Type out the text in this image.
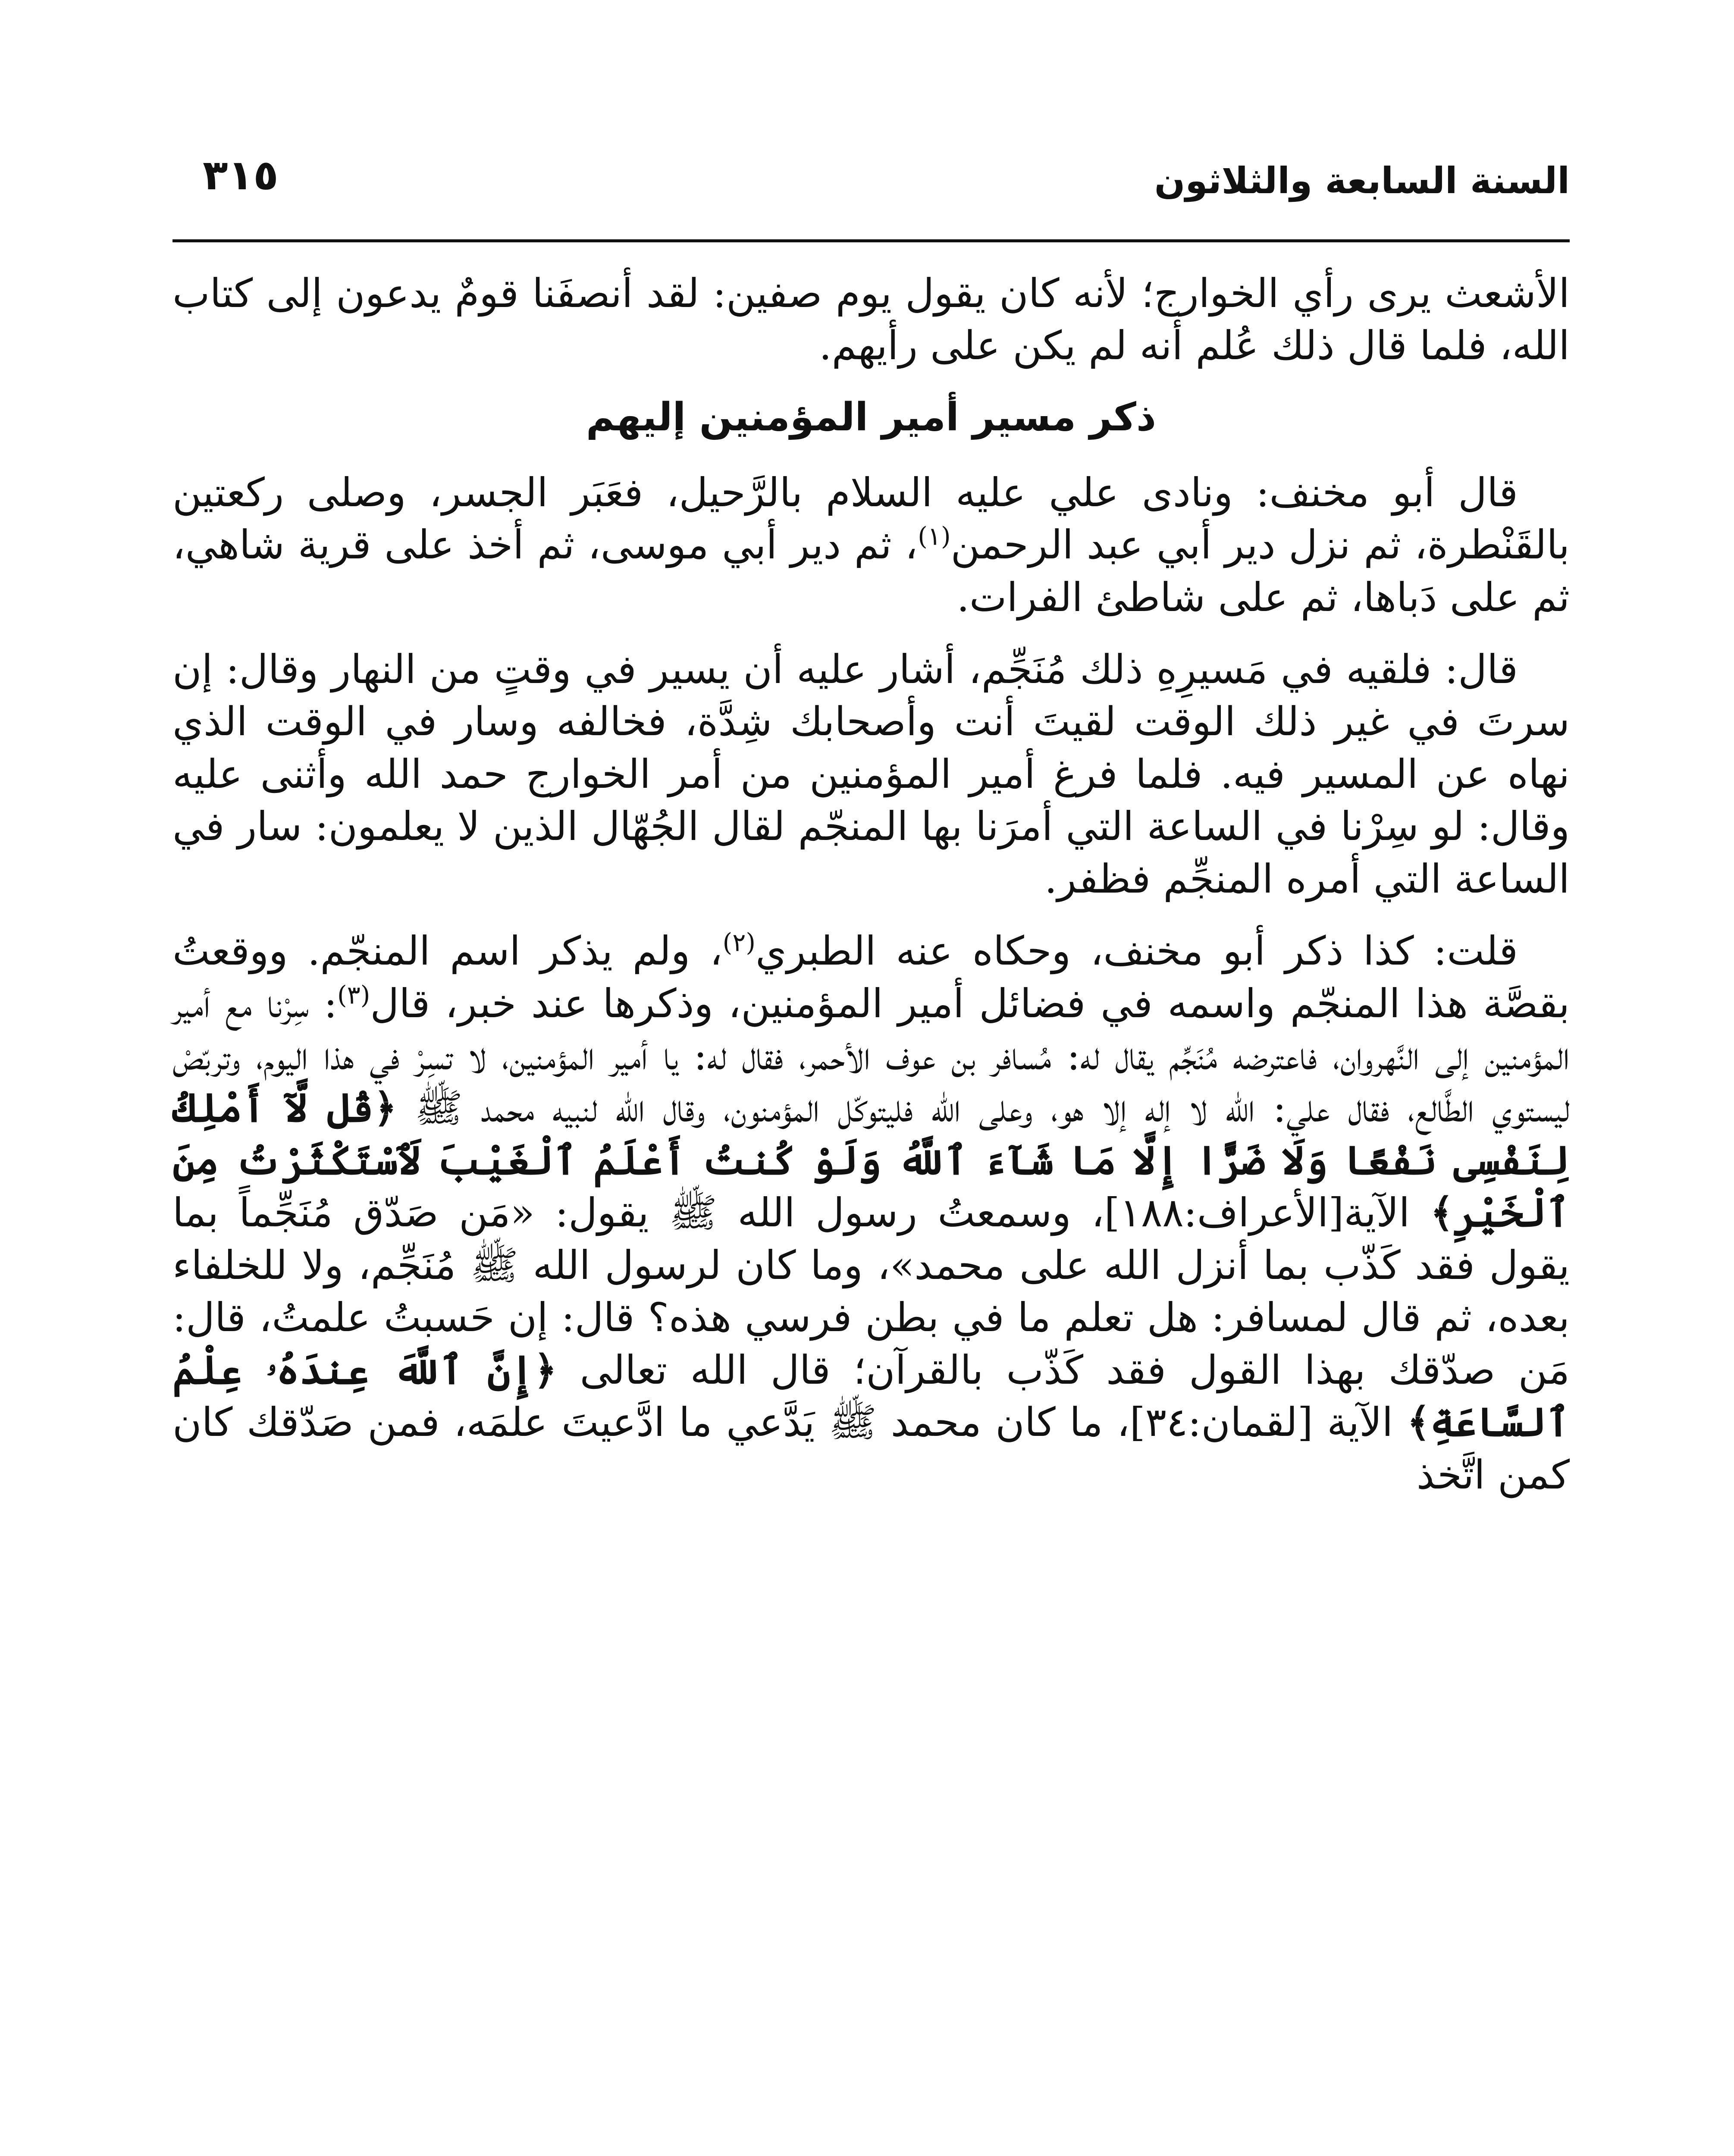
السنة السابعة والثلاثون
٣١٥

الأشعث يرى رأي الخوارج؛ لأنه كان يقول يوم صفين: لقد أنصفَنا قومٌ يدعون إلى كتاب الله، فلما قال ذلك عُلم أنه لم يكن على رأيهم.

ذكر مسير أمير المؤمنين إليهم

قال أبو مخنف: ونادى علي عليه السلام بالرَّحيل، فعَبَر الجسر، وصلى ركعتين بالقَنْطرة، ثم نزل دير أبي عبد الرحمن$^{(١)}$، ثم دير أبي موسى، ثم أخذ على قرية شاهي، ثم على دَباها، ثم على شاطئ الفرات.

قال: فلقيه في مَسيرِهِ ذلك مُنَجِّم، أشار عليه أن يسير في وقتٍ من النهار وقال: إن سرتَ في غير ذلك الوقت لقيتَ أنت وأصحابك شِدَّة، فخالفه وسار في الوقت الذي نهاه عن المسير فيه. فلما فرغ أمير المؤمنين من أمر الخوارج حمد الله وأثنى عليه وقال: لو سِرْنا في الساعة التي أمرَنا بها المنجّم لقال الجُهّال الذين لا يعلمون: سار في الساعة التي أمره المنجِّم فظفر.

قلت: كذا ذكر أبو مخنف، وحكاه عنه الطبري$^{(٢)}$، ولم يذكر اسم المنجّم. ووقعتُ بقصَّة هذا المنجّم واسمه في فضائل أمير المؤمنين، وذكرها عند خبر، قال$^{(٣)}$: سِرْنا مع أمير المؤمنين إلى النَّهروان، فاعترضه مُنَجِّم يقال له: مُسافر بن عوف الأحمر، فقال له: يا أمير المؤمنين، لا تسِرْ في هذا اليوم، وتربّصْ ليستوي الطَّالع، فقال علي: الله لا إله إلا هو، وعلى الله فليتوكّل المؤمنون، وقال الله لنبيه محمد ﷺ ﴿قُل لَّآ أَمْلِكُ لِنَفْسِى نَفْعًا وَلَا ضَرًّا إِلَّا مَا شَآءَ ٱللَّهُ وَلَوْ كُنتُ أَعْلَمُ ٱلْغَيْبَ لَٱسْتَكْثَرْتُ مِنَ ٱلْخَيْرِ﴾ الآية[الأعراف:١٨٨]، وسمعتُ رسول الله ﷺ يقول: «مَن صَدّق مُنَجِّماً بما يقول فقد كَذّب بما أنزل الله على محمد»، وما كان لرسول الله ﷺ مُنَجِّم، ولا للخلفاء بعده، ثم قال لمسافر: هل تعلم ما في بطن فرسي هذه؟ قال: إن حَسبتُ علمتُ، قال: مَن صدّقك بهذا القول فقد كَذّب بالقرآن؛ قال الله تعالى ﴿إِنَّ ٱللَّهَ عِندَهُۥ عِلْمُ ٱلسَّاعَةِ﴾ الآية [لقمان:٣٤]، ما كان محمد ﷺ يَدَّعي ما ادَّعيتَ علمَه، فمن صَدّقك كان كمن اتَّخذ
